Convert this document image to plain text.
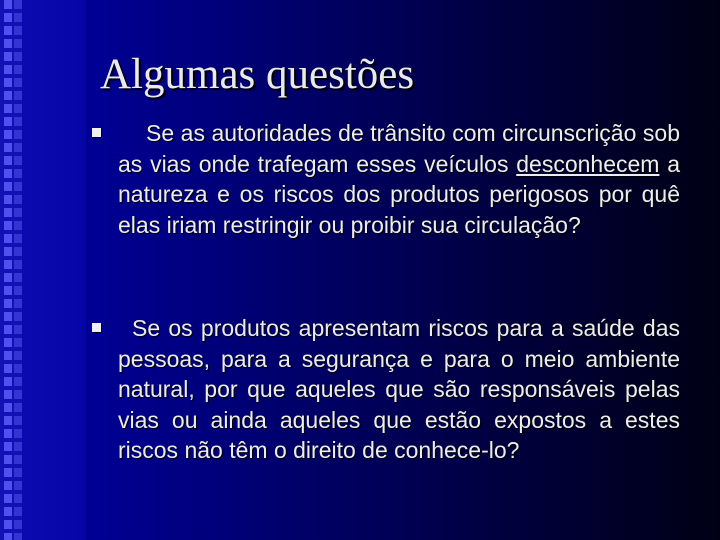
Algumas questões
Se as autoridades de trânsito com circunscrição sob as vias onde trafegam esses veículos desconhecem a natureza e os riscos dos produtos perigosos por quê elas iriam restringir ou proibir sua circulação?
Se os produtos apresentam riscos para a saúde das pessoas, para a segurança e para o meio ambiente natural, por que aqueles que são responsáveis pelas vias ou ainda aqueles que estão expostos a estes riscos não têm o direito de conhece-lo?
